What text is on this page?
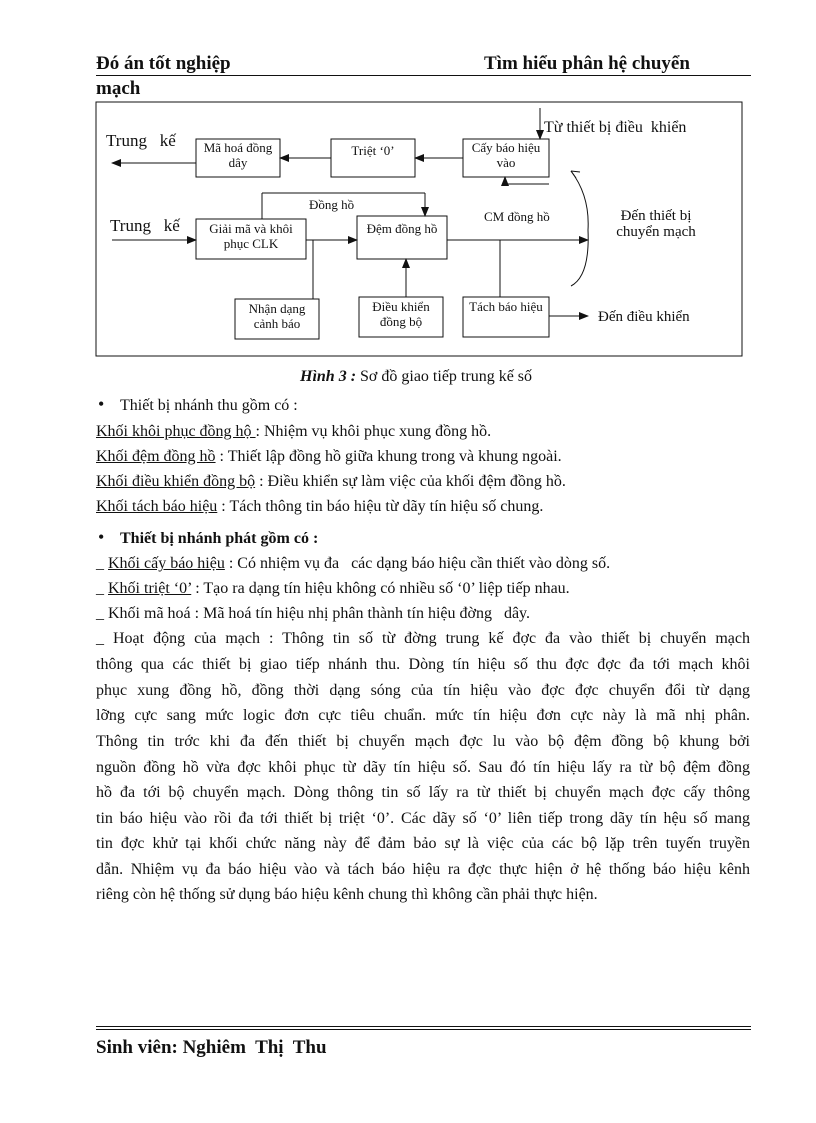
Đó án tốt nghiệp	Tìm hiểu phân hệ chuyển
mạch
Mã hoá đồng
dây
Triệt ‘0’	Cấy báo hiệu
vào
Giải mã và khôi
phục CLK
Đệm đồng hồ
Nhận dạng
cảnh báo
Điều khiển
đồng bộ
Tách báo hiệu
Trung   kế
Trung   kế
Từ thiết bị điều  khiển
Đồng hồ
CM đồng hồ	Đến thiết bị
chuyển mạch
Đến điều khiển
Hình 3 : Sơ đồ giao tiếp trung kế số
• Thiết bị nhánh thu gồm có :
Khối khôi phục đồng hộ : Nhiệm vụ khôi phục xung đồng hồ.
Khối đệm đồng hồ : Thiết lập đồng hồ giữa khung trong và khung ngoài.
Khối điều khiển đồng bộ : Điều khiển sự làm việc của khối đệm đồng hồ.
Khối tách báo hiệu : Tách thông tin báo hiệu từ dãy tín hiệu số chung.
• Thiết bị nhánh phát gồm có :
_ Khối cấy báo hiệu : Có nhiệm vụ đa   các dạng báo hiệu cần thiết vào dòng số.
_ Khối triệt ‘0’ : Tạo ra dạng tín hiệu không có nhiều số ‘0’ liệp tiếp nhau.
_ Khối mã hoá : Mã hoá tín hiệu nhị phân thành tín hiệu đờng   dây.
_ Hoạt động của mạch : Thông tin số từ đờng trung kế đợc đa vào thiết bị chuyển mạch
thông qua các thiết bị giao tiếp nhánh thu. Dòng tín hiệu số thu đợc đợc đa tới mạch khôi
phục xung đồng hồ, đồng thời dạng sóng của tín hiệu vào đợc đợc chuyển đổi từ dạng
lỡng cực sang mức logic đơn cực tiêu chuẩn. mức tín hiệu đơn cực này là mã nhị phân.
Thông tin trớc khi đa đến thiết bị chuyển mạch đợc lu vào bộ đệm đồng bộ khung bởi
nguồn đồng hồ vừa đợc khôi phục từ dãy tín hiệu số. Sau đó tín hiệu lấy ra từ bộ đệm đồng
hồ đa tới bộ chuyển mạch. Dòng thông tin số lấy ra từ thiết bị chuyển mạch đợc cấy thông
tin báo hiệu vào rồi đa tới thiết bị triệt ‘0’. Các dãy số ‘0’ liên tiếp trong dãy tín hệu số mang
tin đợc khử tại khối chức năng này để đảm bảo sự là việc của các bộ lặp trên tuyến truyền
dẫn. Nhiệm vụ đa báo hiệu vào và tách báo hiệu ra đợc thực hiện ở hệ thống báo hiệu kênh
riêng còn hệ thống sử dụng báo hiệu kênh chung thì không cần phải thực hiện.
Sinh viên: Nghiêm  Thị  Thu
